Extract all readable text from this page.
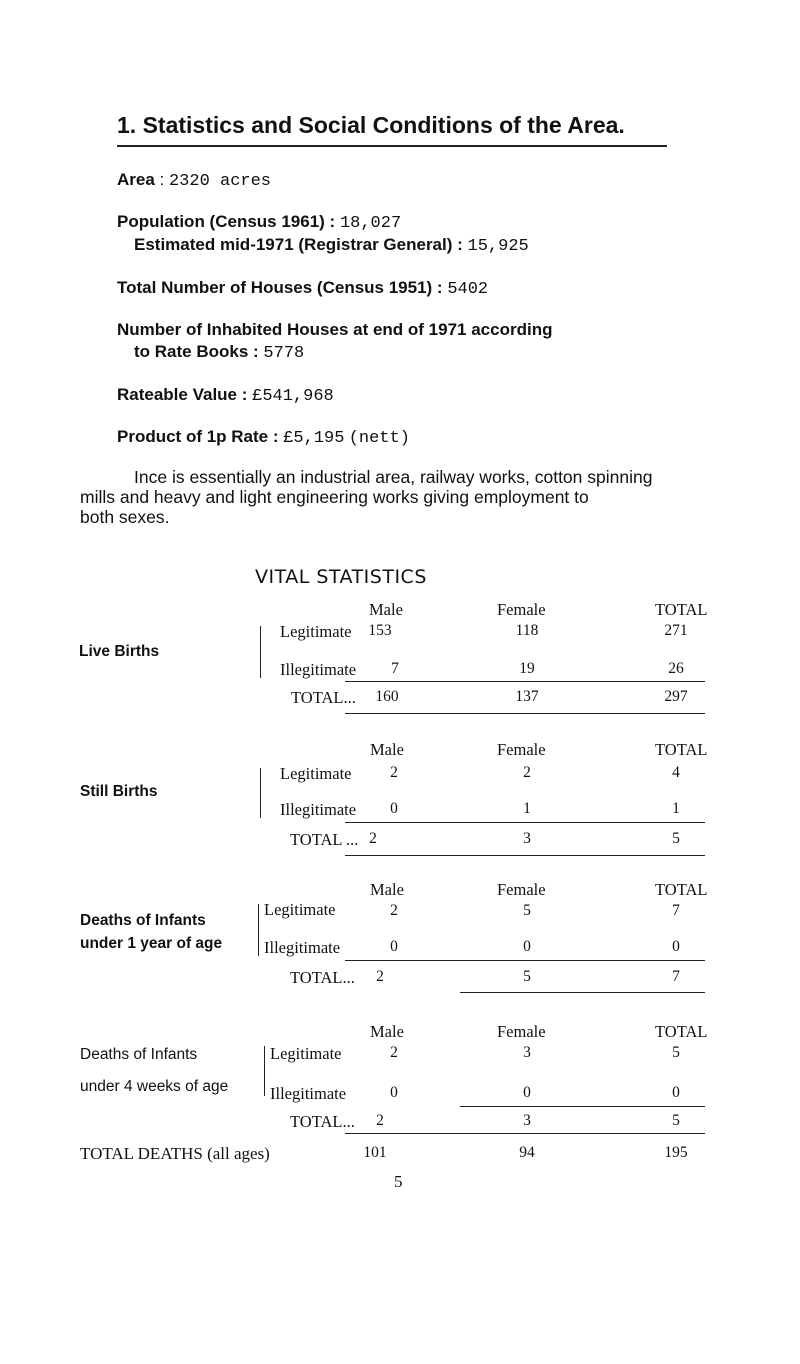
1. Statistics and Social Conditions of the Area.
Area : 2320 acres
Population (Census 1961) : 18,027
Estimated mid-1971 (Registrar General) : 15,925
Total Number of Houses (Census 1951) : 5402
Number of Inhabited Houses at end of 1971 according
to Rate Books : 5778
Rateable Value : £541,968
Product of 1p Rate : £5,195 (nett)
Ince is essentially an industrial area, railway works, cotton spinning
mills and heavy and light engineering works giving employment to
both sexes.
VITAL STATISTICS
Male	Female	TOTAL
Live Births
Legitimate	153	118	271
Illegitimate	7	19	26
TOTAL...	160	137	297
Male	Female	TOTAL
Still Births
Legitimate	2	2	4
Illegitimate	0	1	1
TOTAL ... 2	3	5
Male	Female	TOTAL
Deaths of Infants
under 1 year of age
Legitimate	2	5	7
Illegitimate	0	0	0
TOTAL...	2	5	7
Male	Female	TOTAL
Deaths of Infants
under 4 weeks of age
Legitimate	2	3	5
Illegitimate	0	0	0
TOTAL...	2	3	5
TOTAL DEATHS (all ages)	101	94	195
5
